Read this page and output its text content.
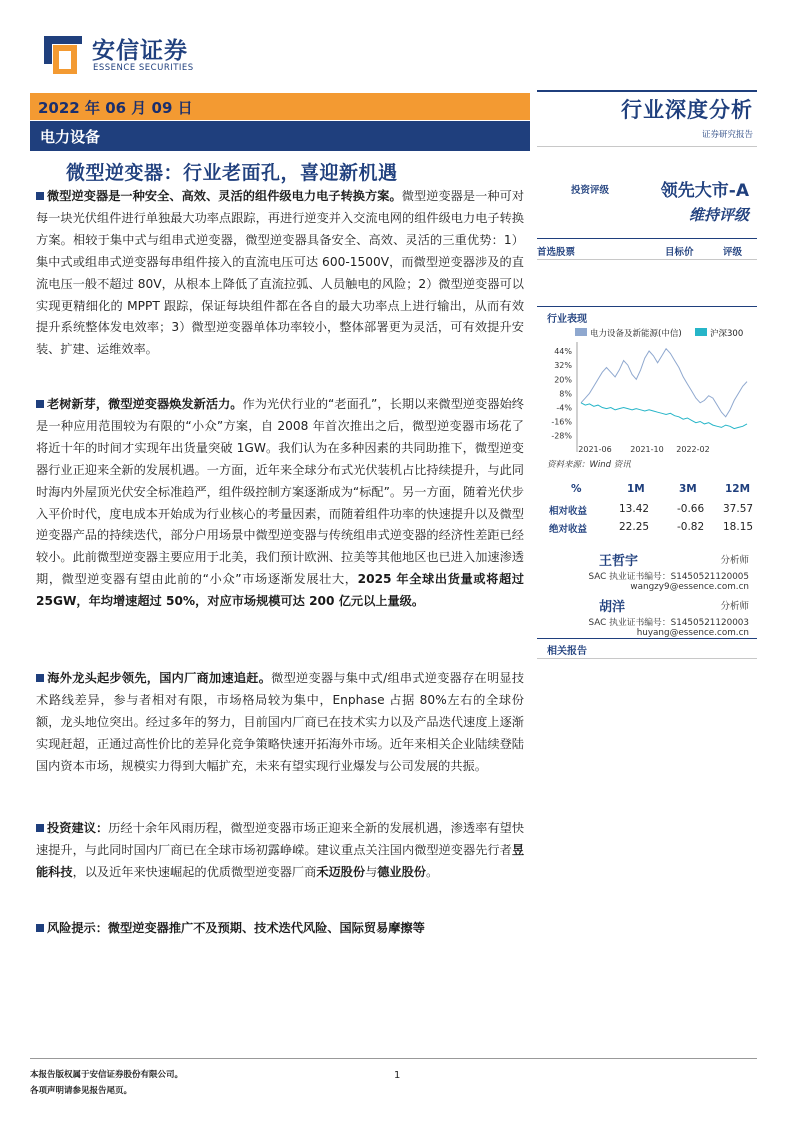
安信证券
ESSENCE SECURITIES
2022 年 06 月 09 日
电力设备
行业深度分析
证券研究报告
微型逆变器：行业老面孔，喜迎新机遇
微型逆变器是一种安全、高效、灵活的组件级电力电子转换方案。微型逆变器是一种可对每一块光伏组件进行单独最大功率点跟踪，再进行逆变并入交流电网的组件级电力电子转换方案。相较于集中式与组串式逆变器，微型逆变器具备安全、高效、灵活的三重优势：1）集中式或组串式逆变器每串组件接入的直流电压可达 600-1500V，而微型逆变器涉及的直流电压一般不超过 80V，从根本上降低了直流拉弧、人员触电的风险；2）微型逆变器可以实现更精细化的 MPPT 跟踪，保证每块组件都在各自的最大功率点上进行输出，从而有效提升系统整体发电效率；3）微型逆变器单体功率较小，整体部署更为灵活，可有效提升安装、扩建、运维效率。
老树新芽，微型逆变器焕发新活力。作为光伏行业的“老面孔”，长期以来微型逆变器始终是一种应用范围较为有限的“小众”方案，自 2008 年首次推出之后，微型逆变器市场花了将近十年的时间才实现年出货量突破 1GW。我们认为在多种因素的共同助推下，微型逆变器行业正迎来全新的发展机遇。一方面，近年来全球分布式光伏装机占比持续提升，与此同时海内外屋顶光伏安全标准趋严，组件级控制方案逐渐成为“标配”。另一方面，随着光伏步入平价时代，度电成本开始成为行业核心的考量因素，而随着组件功率的快速提升以及微型逆变器产品的持续迭代，部分户用场景中微型逆变器与传统组串式逆变器的经济性差距已经较小。此前微型逆变器主要应用于北美，我们预计欧洲、拉美等其他地区也已进入加速渗透期，微型逆变器有望由此前的“小众”市场逐渐发展壮大，2025 年全球出货量或将超过 25GW，年均增速超过 50%，对应市场规模可达 200 亿元以上量级。
海外龙头起步领先，国内厂商加速追赶。微型逆变器与集中式/组串式逆变器存在明显技术路线差异，参与者相对有限，市场格局较为集中，Enphase 占据 80%左右的全球份额，龙头地位突出。经过多年的努力，目前国内厂商已在技术实力以及产品迭代速度上逐渐实现赶超，正通过高性价比的差异化竞争策略快速开拓海外市场。近年来相关企业陆续登陆国内资本市场，规模实力得到大幅扩充，未来有望实现行业爆发与公司发展的共振。
投资建议：历经十余年风雨历程，微型逆变器市场正迎来全新的发展机遇，渗透率有望快速提升，与此同时国内厂商已在全球市场初露峥嵘。建议重点关注国内微型逆变器先行者昱能科技，以及近年来快速崛起的优质微型逆变器厂商禾迈股份与德业股份。
风险提示：微型逆变器推广不及预期、技术迭代风险、国际贸易摩擦等
投资评级	领先大市-A
维持评级
首选股票	目标价	评级
行业表现
电力设备及新能源(中信)	沪深300
44%
32%
20%
8%
-4%
-16%
-28%
2021-06 2021-10 2022-02
资料来源：Wind 资讯
%	1M	3M	12M
相对收益	13.42	-0.66 37.57
绝对收益	22.25	-0.82 18.15
王哲宇	分析师
SAC 执业证书编号：S1450521120005
wangzy9@essence.com.cn
胡洋	分析师
SAC 执业证书编号：S1450521120003
huyang@essence.com.cn
相关报告
本报告版权属于安信证券股份有限公司。
各项声明请参见报告尾页。
1
